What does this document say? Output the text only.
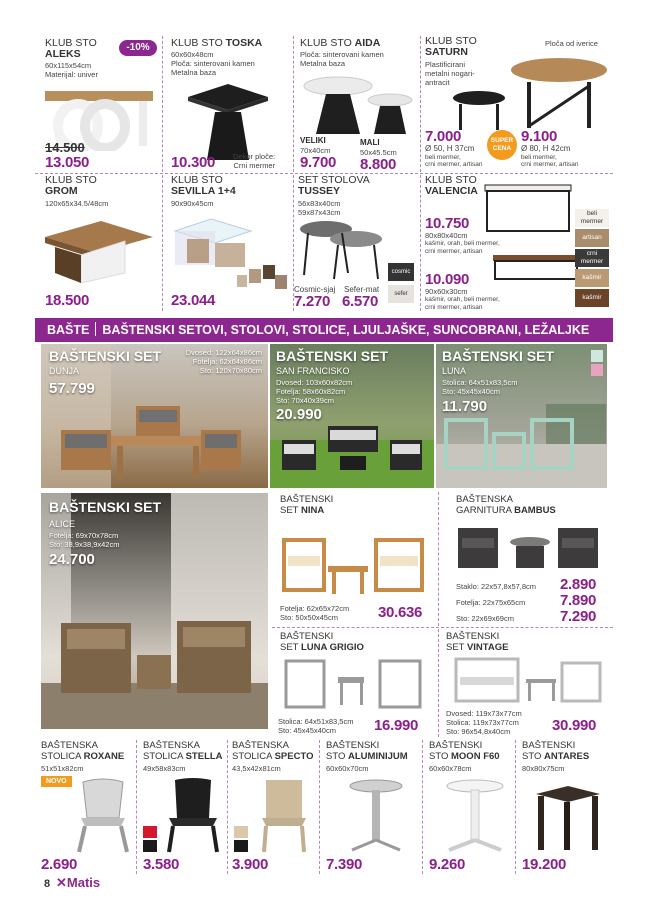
KLUB STO
ALEKS
-10%
60x115x54cm
Materijal: univer
14.500
13.050
KLUB STO TOSKA
60x60x48cm
Ploča: sinterovani kamen
Metalna baza
10.300 Dekor ploče:
Crni mermer
KLUB STO AIDA
Ploča: sinterovani kamen
Metalna baza
VELIKI
70x40cm
9.700
MALI
50x45.5cm
8.800
KLUB STO
SATURN
Ploča od iverice
Plastificirani
metalni nogari-
antracit
7.000
Ø 50, H 37cm
beli mermer,
crni mermer, artisan
SUPER
CENA
9.100
Ø 80, H 42cm
beli mermer,
crni mermer, artisan
KLUB STO
GROM
120x65x34.5/48cm
18.500
KLUB STO
SEVILLA 1+4
90x90x45cm
23.044
SET STOLOVA
TUSSEY
56x83x40cm
59x87x43cm
cosmic
sefer
Cosmic-sjaj Sefer-mat
7.270 6.570
KLUB STO
VALENCIA
10.750
80x80x40cm
kašmir, orah, beli mermer,
crni mermer, artisan
10.090
90x60x30cm
kašmir, orah, beli mermer,
crni mermer, artisan
beli mermer
artisan
crni mermer
kašmir
kašmir
BAŠTE BAŠTENSKI SETOVI, STOLOVI, STOLICE, LJULJAŠKE, SUNCOBRANI, LEŽALJKE
BAŠTENSKI SET
DUNJA
57.799
Dvosed: 122x64x86cm
Fotelja: 62x64x86cm
Sto: 120x70x80cm
BAŠTENSKI SET
SAN FRANCISKO
Dvosed: 103x60x82cm
Fotelja: 58x60x82cm
Sto: 70x40x39cm
20.990
BAŠTENSKI SET
LUNA
Stolica: 64x51x83,5cm
Sto: 45x45x40cm
11.790
BAŠTENSKI SET
ALICE
Fotelja: 69x70x78cm
Sto: 38,9x38,9x42cm
24.700
BAŠTENSKI
SET NINA
Fotelja: 62x65x72cm
Sto: 50x50x45cm	30.636
BAŠTENSKA
GARNITURA BAMBUS
Staklo: 22x57,8x57,8cm
Fotelja: 22x75x65cm
Sto: 22x69x69cm
2.890
7.890
7.290
BAŠTENSKI
SET LUNA GRIGIO
Stolica: 64x51x83,5cm
Sto: 45x45x40cm	16.990
BAŠTENSKI
SET VINTAGE
Dvosed: 119x73x77cm
Stolica: 119x73x77cm
Sto: 96x54,8x40cm	30.990
BAŠTENSKA
STOLICA ROXANE
51x51x82cm
NOVO
2.690
BAŠTENSKA
STOLICA STELLA
49x58x83cm
3.580
BAŠTENSKA
STOLICA SPECTO
43,5x42x81cm
3.900
BAŠTENSKI
STO ALUMINIJUM
60x60x70cm
7.390
BAŠTENSKI
STO MOON F60
60x60x78cm
9.260
BAŠTENSKI
STO ANTARES
80x80x75cm
19.200
8 ✕Matis
